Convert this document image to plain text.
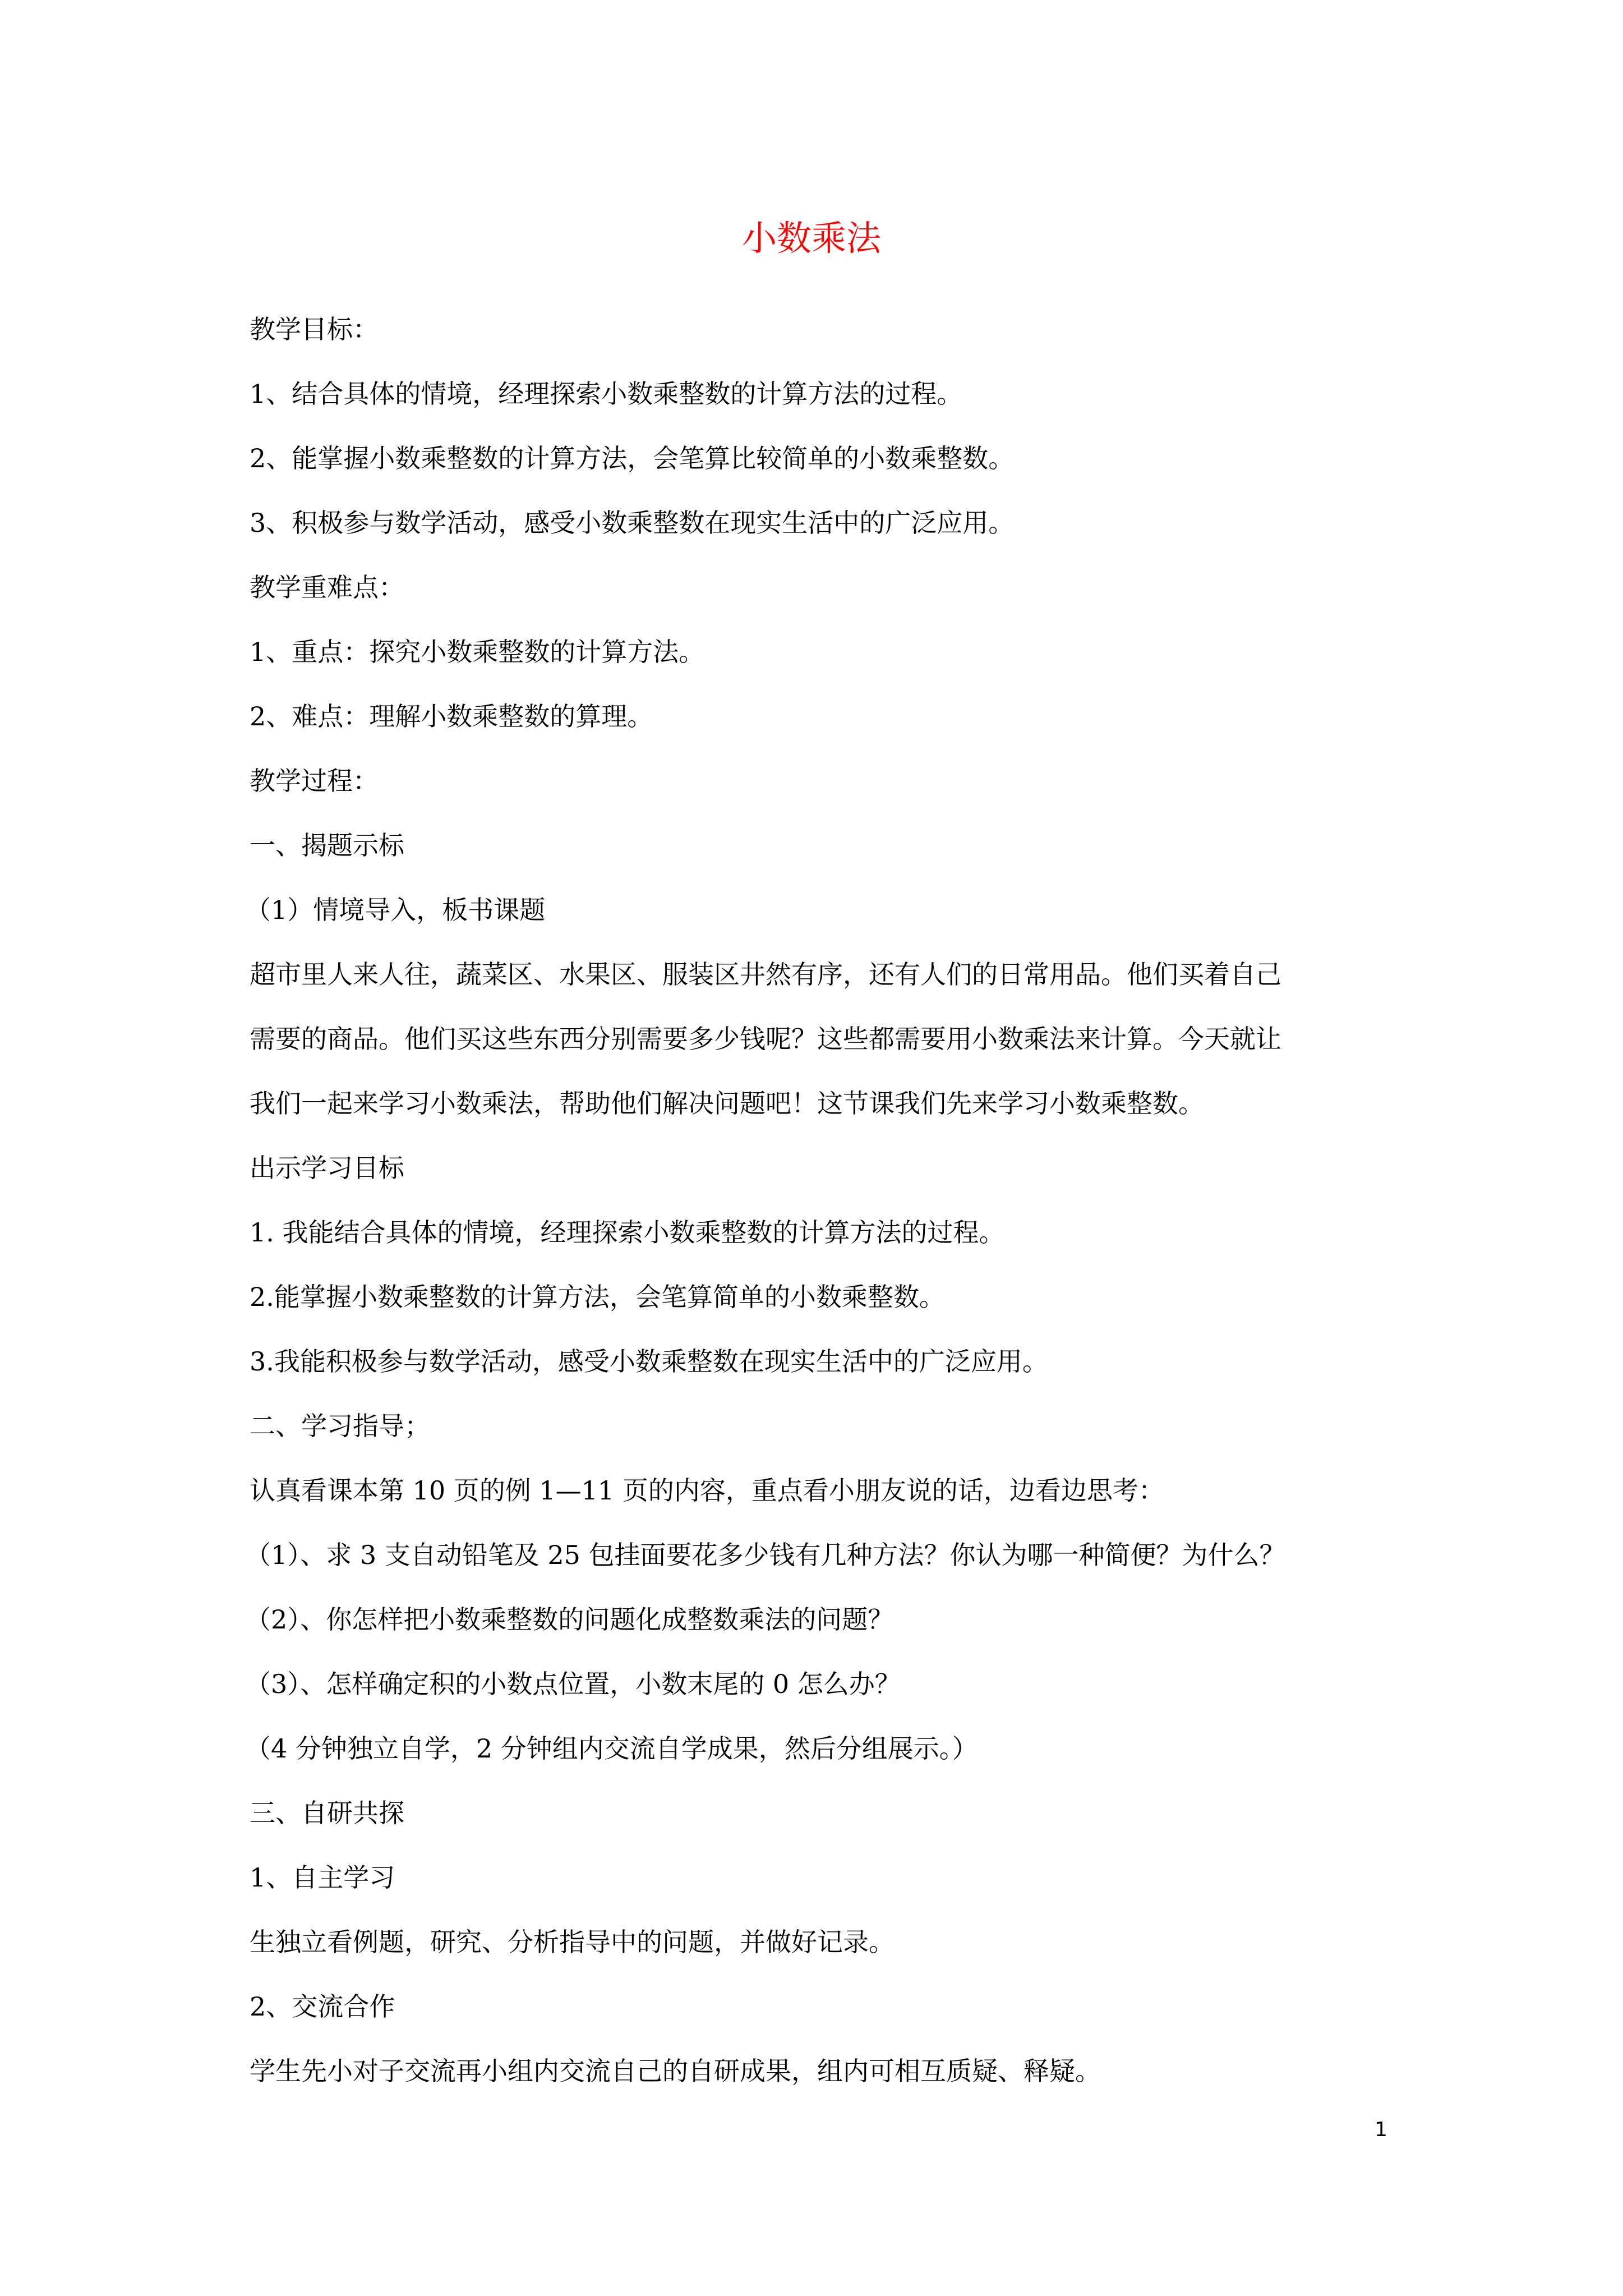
小数乘法
教学目标：
1、结合具体的情境，经理探索小数乘整数的计算方法的过程。
2、能掌握小数乘整数的计算方法，会笔算比较简单的小数乘整数。
3、积极参与数学活动，感受小数乘整数在现实生活中的广泛应用。
教学重难点：
1、重点：探究小数乘整数的计算方法。
2、难点：理解小数乘整数的算理。
教学过程：
一、揭题示标
（1）情境导入，板书课题
超市里人来人往，蔬菜区、水果区、服装区井然有序，还有人们的日常用品。他们买着自己
需要的商品。他们买这些东西分别需要多少钱呢？这些都需要用小数乘法来计算。今天就让
我们一起来学习小数乘法，帮助他们解决问题吧！这节课我们先来学习小数乘整数。
出示学习目标
1. 我能结合具体的情境，经理探索小数乘整数的计算方法的过程。
2.能掌握小数乘整数的计算方法，会笔算简单的小数乘整数。
3.我能积极参与数学活动，感受小数乘整数在现实生活中的广泛应用。
二、学习指导；
认真看课本第 10 页的例 1—11 页的内容，重点看小朋友说的话，边看边思考：
（1）、求 3 支自动铅笔及 25 包挂面要花多少钱有几种方法？你认为哪一种简便？为什么？
（2）、你怎样把小数乘整数的问题化成整数乘法的问题？
（3）、怎样确定积的小数点位置，小数末尾的 0 怎么办？
（4 分钟独立自学，2 分钟组内交流自学成果，然后分组展示。）
三、自研共探
1、自主学习
生独立看例题，研究、分析指导中的问题，并做好记录。
2、交流合作
学生先小对子交流再小组内交流自己的自研成果，组内可相互质疑、释疑。
1
